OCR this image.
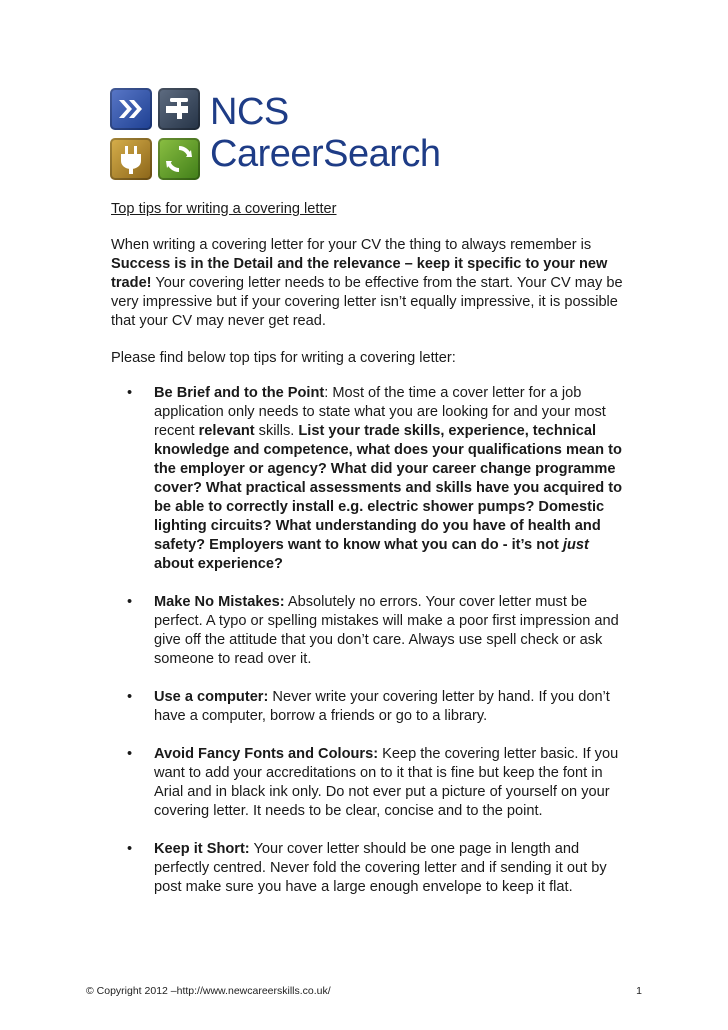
NCS
CareerSearch
Top tips for writing a covering letter

When writing a covering letter for your CV the thing to always remember is Success is in the Detail and the relevance – keep it specific to your new trade! Your covering letter needs to be effective from the start. Your CV may be very impressive but if your covering letter isn’t equally impressive, it is possible that your CV may never get read.

Please find below top tips for writing a covering letter:

• Be Brief and to the Point: Most of the time a cover letter for a job application only needs to state what you are looking for and your most recent relevant skills. List your trade skills, experience, technical knowledge and competence, what does your qualifications mean to the employer or agency? What did your career change programme cover? What practical assessments and skills have you acquired to be able to correctly install e.g. electric shower pumps? Domestic lighting circuits? What understanding do you have of health and safety? Employers want to know what you can do - it’s not just about experience?
• Make No Mistakes: Absolutely no errors. Your cover letter must be perfect. A typo or spelling mistakes will make a poor first impression and give off the attitude that you don’t care. Always use spell check or ask someone to read over it.
• Use a computer: Never write your covering letter by hand. If you don’t have a computer, borrow a friends or go to a library.
• Avoid Fancy Fonts and Colours: Keep the covering letter basic. If you want to add your accreditations on to it that is fine but keep the font in Arial and in black ink only. Do not ever put a picture of yourself on your covering letter. It needs to be clear, concise and to the point.
• Keep it Short: Your cover letter should be one page in length and perfectly centred. Never fold the covering letter and if sending it out by post make sure you have a large enough envelope to keep it flat.
© Copyright 2012 –http://www.newcareerskills.co.uk/	1
